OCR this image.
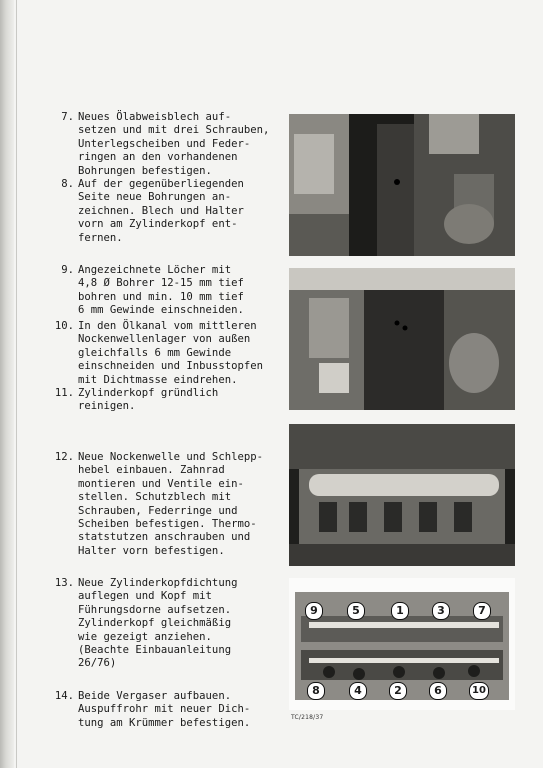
7. Neues Ölabweisblech auf-
setzen und mit drei Schrauben,
Unterlegscheiben und Feder-
ringen an den vorhandenen
Bohrungen befestigen.
8. Auf der gegenüberliegenden
Seite neue Bohrungen an-
zeichnen. Blech und Halter
vorn am Zylinderkopf ent-
fernen.
9. Angezeichnete Löcher mit
4,8 Ø Bohrer 12-15 mm tief
bohren und min. 10 mm tief
6 mm Gewinde einschneiden.
10. In den Ölkanal vom mittleren
Nockenwellenlager von außen
gleichfalls 6 mm Gewinde
einschneiden und Inbusstopfen
mit Dichtmasse eindrehen.
11. Zylinderkopf gründlich
reinigen.
12. Neue Nockenwelle und Schlepp-
hebel einbauen. Zahnrad
montieren und Ventile ein-
stellen. Schutzblech mit
Schrauben, Federringe und
Scheiben befestigen. Thermo-
statstutzen anschrauben und
Halter vorn befestigen.
13. Neue Zylinderkopfdichtung
auflegen und Kopf mit
Führungsdorne aufsetzen.
Zylinderkopf gleichmäßig
wie gezeigt anziehen.
(Beachte Einbauanleitung
26/76)
14. Beide Vergaser aufbauen.
Auspuffrohr mit neuer Dich-
tung am Krümmer befestigen.
9	5	1	3	7
8	4	2	6	10
TC/218/37
